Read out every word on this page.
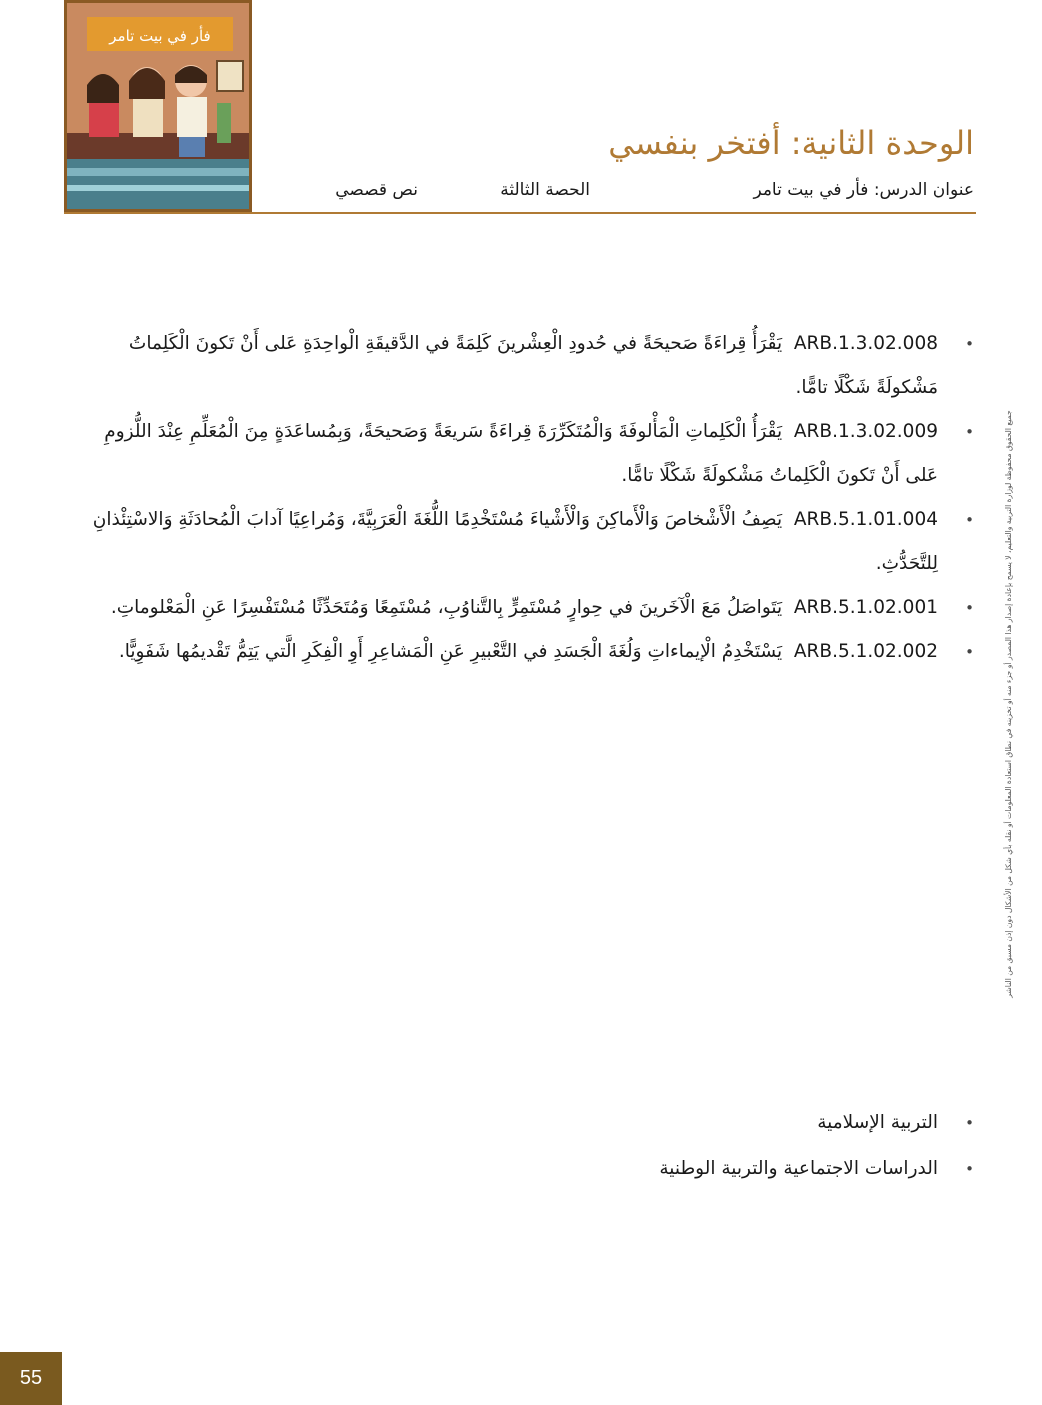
فأر في بيت تامر
الوحدة الثانية: أفتخر بنفسي
عنوان الدرس: فأر في بيت تامر
الحصة الثالثة
نص قصصي
• ARB.1.3.02.008  يَقْرَأُ قِراءَةً صَحيحَةً في حُدودِ الْعِشْرينَ كَلِمَةً في الدَّقيقَةِ الْواحِدَةِ عَلى أَنْ تَكونَ الْكَلِماتُ مَشْكولَةً شَكْلًا تامًّا.
• ARB.1.3.02.009  يَقْرَأُ الْكَلِماتِ الْمَأْلوفَةَ وَالْمُتَكَرِّرَةَ قِراءَةً سَريعَةً وَصَحيحَةً، وَبِمُساعَدَةٍ مِنَ الْمُعَلِّمِ عِنْدَ اللُّزومِ عَلى أَنْ تَكونَ الْكَلِماتُ مَشْكولَةً شَكْلًا تامًّا.
• ARB.5.1.01.004  يَصِفُ الْأَشْخاصَ وَالْأَماكِنَ وَالْأَشْياءَ مُسْتَخْدِمًا اللُّغَةَ الْعَرَبِيَّةَ، وَمُراعِيًا آدابَ الْمُحادَثَةِ وَالاسْتِئْذانِ لِلتَّحَدُّثِ.
• ARB.5.1.02.001  يَتَواصَلُ مَعَ الْآخَرينَ في حِوارٍ مُسْتَمِرٍّ بِالتَّناوُبِ، مُسْتَمِعًا وَمُتَحَدِّثًا مُسْتَفْسِرًا عَنِ الْمَعْلوماتِ.
• ARB.5.1.02.002  يَسْتَخْدِمُ الْإيماءاتِ وَلُغَةَ الْجَسَدِ في التَّعْبيرِ عَنِ الْمَشاعِرِ أَوِ الْفِكَرِ الَّتي يَتِمُّ تَقْديمُها شَفَوِيًّا.
• التربية الإسلامية
• الدراسات الاجتماعية والتربية الوطنية
جميع الحقوق محفوظة لوزارة التربية والتعليم، لا يسمح بإعادة إصدار هذا المصدر أو جزء منه أو تخزينه في نطاق استعادة المعلومات أو نقله بأي شكل من الأشكال دون إذن مسبق من الناشر
55
